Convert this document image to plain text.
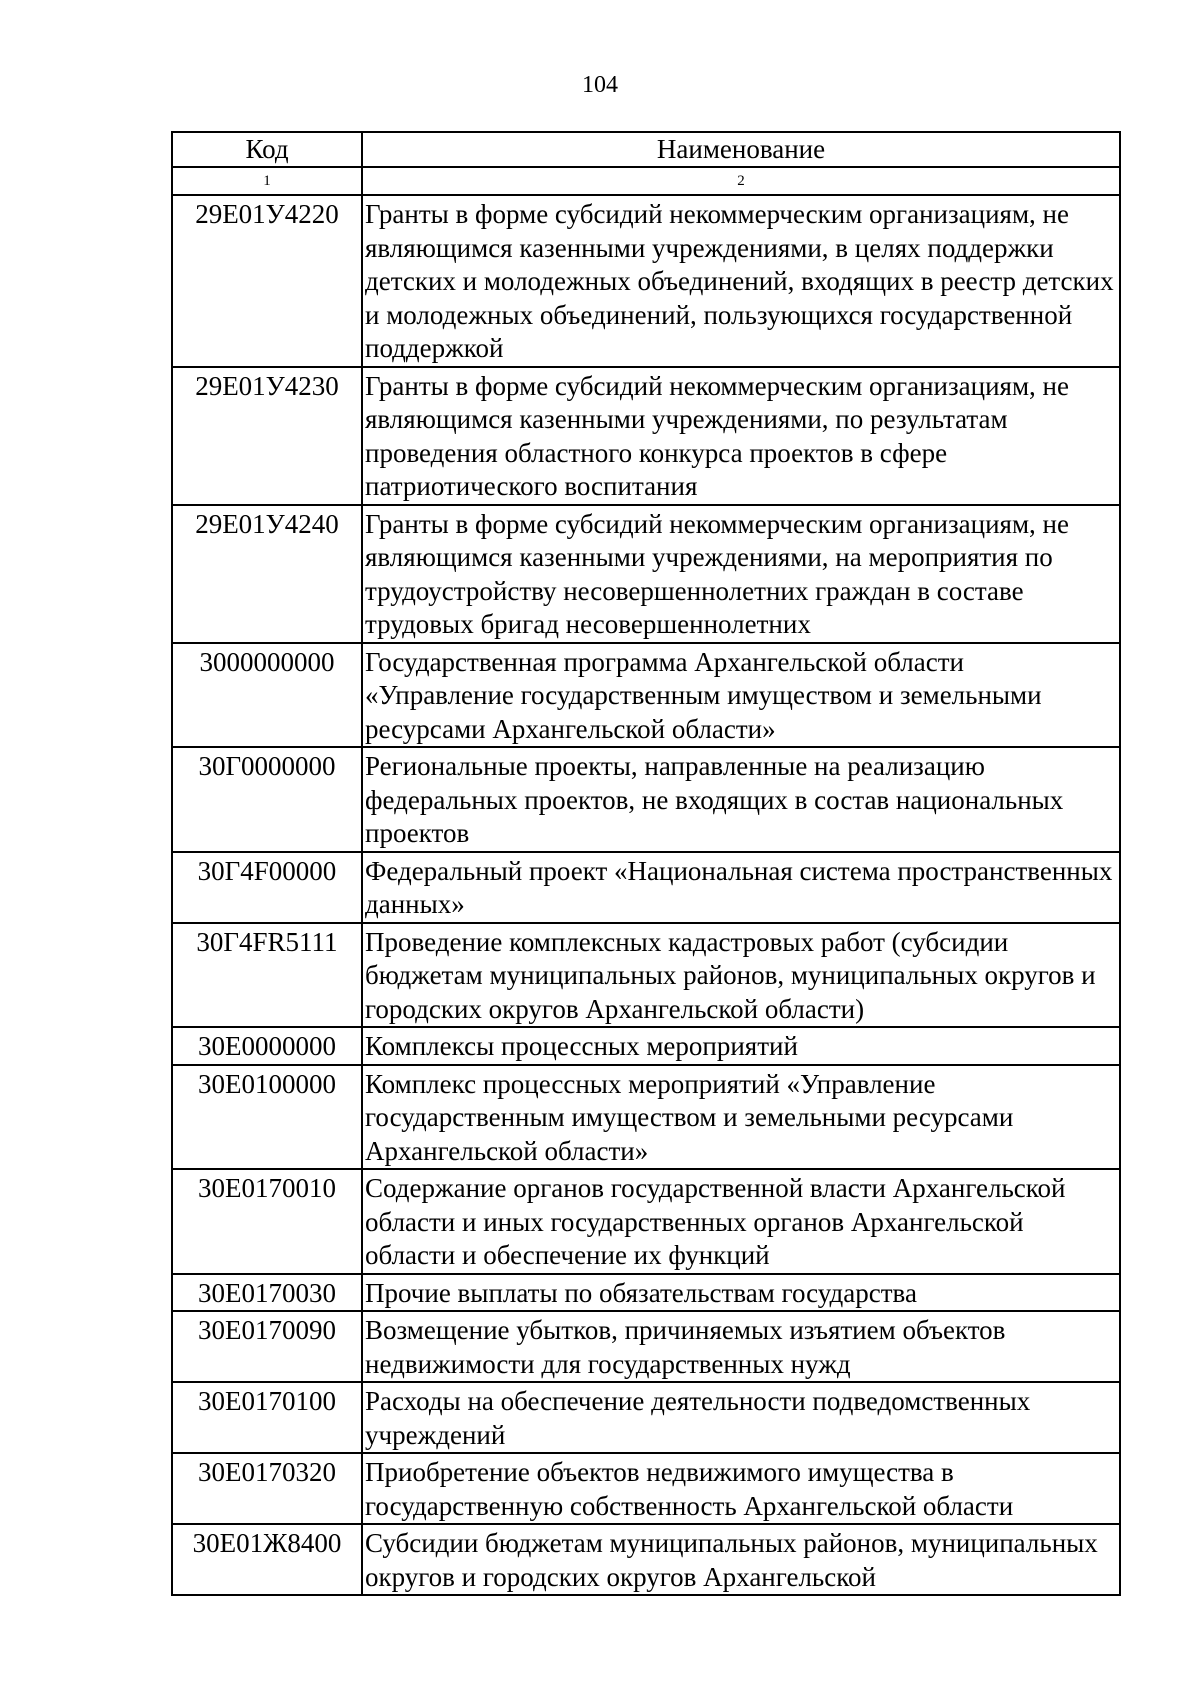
104
Код	Наименование
1	2
29Е01У4220	Гранты в форме субсидий некоммерческим организациям, не являющимся казенными учреждениями, в целях поддержки детских и молодежных объединений, входящих в реестр детских и молодежных объединений, пользующихся государственной поддержкой
29Е01У4230	Гранты в форме субсидий некоммерческим организациям, не являющимся казенными учреждениями, по результатам проведения областного конкурса проектов в сфере патриотического воспитания
29Е01У4240	Гранты в форме субсидий некоммерческим организациям, не являющимся казенными учреждениями, на мероприятия по трудоустройству несовершеннолетних граждан в составе трудовых бригад несовершеннолетних
3000000000	Государственная программа Архангельской области «Управление государственным имуществом и земельными ресурсами Архангельской области»
30Г0000000	Региональные проекты, направленные на реализацию федеральных проектов, не входящих в состав национальных проектов
30Г4F00000	Федеральный проект «Национальная система пространственных данных»
30Г4FR5111	Проведение комплексных кадастровых работ (субсидии бюджетам муниципальных районов, муниципальных округов и городских округов Архангельской области)
30Е0000000	Комплексы процессных мероприятий
30Е0100000	Комплекс процессных мероприятий «Управление государственным имуществом и земельными ресурсами Архангельской области»
30Е0170010	Содержание органов государственной власти Архангельской области и иных государственных органов Архангельской области и обеспечение их функций
30Е0170030	Прочие выплаты по обязательствам государства
30Е0170090	Возмещение убытков, причиняемых изъятием объектов недвижимости для государственных нужд
30Е0170100	Расходы на обеспечение деятельности подведомственных учреждений
30Е0170320	Приобретение объектов недвижимого имущества в государственную собственность Архангельской области
30Е01Ж8400	Субсидии бюджетам муниципальных районов, муниципальных округов и городских округов Архангельской
